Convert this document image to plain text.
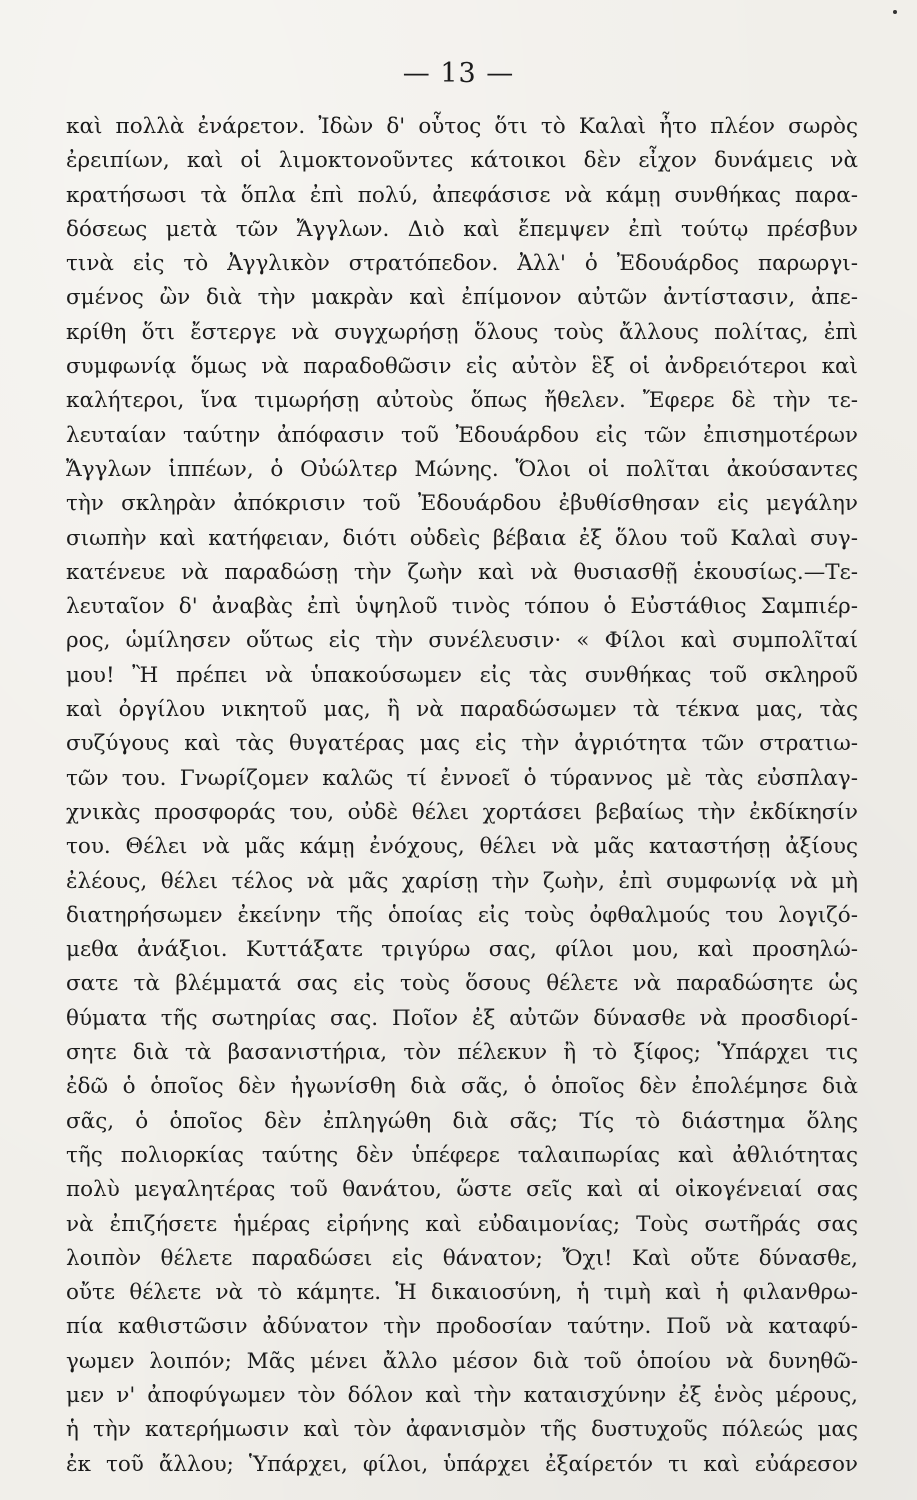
— 13 —
καὶ πολλὰ ἐνάρετον. Ἰδὼν δ' οὗτος ὅτι τὸ Καλαὶ ἦτο πλέον σωρὸς
ἐρειπίων, καὶ οἱ λιμοκτονοῦντες κάτοικοι δὲν εἶχον δυνάμεις νὰ
κρατήσωσι τὰ ὅπλα ἐπὶ πολύ, ἀπεφάσισε νὰ κάμῃ συνθήκας παρα-
δόσεως μετὰ τῶν Ἄγγλων. Διὸ καὶ ἔπεμψεν ἐπὶ τούτῳ πρέσβυν
τινὰ εἰς τὸ Ἀγγλικὸν στρατόπεδον. Ἀλλ' ὁ Ἐδουάρδος παρωργι-
σμένος ὢν διὰ τὴν μακρὰν καὶ ἐπίμονον αὐτῶν ἀντίστασιν, ἀπε-
κρίθη ὅτι ἔστεργε νὰ συγχωρήσῃ ὅλους τοὺς ἄλλους πολίτας, ἐπὶ
συμφωνίᾳ ὅμως νὰ παραδοθῶσιν εἰς αὐτὸν ἓξ οἱ ἀνδρειότεροι καὶ
καλήτεροι, ἵνα τιμωρήσῃ αὐτοὺς ὅπως ἤθελεν. Ἔφερε δὲ τὴν τε-
λευταίαν ταύτην ἀπόφασιν τοῦ Ἐδουάρδου εἰς τῶν ἐπισημοτέρων
Ἄγγλων ἱππέων, ὁ Οὐώλτερ Μώνης. Ὅλοι οἱ πολῖται ἀκούσαντες
τὴν σκληρὰν ἀπόκρισιν τοῦ Ἐδουάρδου ἐβυθίσθησαν εἰς μεγάλην
σιωπὴν καὶ κατήφειαν, διότι οὐδεὶς βέβαια ἐξ ὅλου τοῦ Καλαὶ συγ-
κατένευε νὰ παραδώσῃ τὴν ζωὴν καὶ νὰ θυσιασθῇ ἑκουσίως.—Τε-
λευταῖον δ' ἀναβὰς ἐπὶ ὑψηλοῦ τινὸς τόπου ὁ Εὐστάθιος Σαμπιέρ-
ρος, ὡμίλησεν οὕτως εἰς τὴν συνέλευσιν· « Φίλοι καὶ συμπολῖταί
μου! Ἢ πρέπει νὰ ὑπακούσωμεν εἰς τὰς συνθήκας τοῦ σκληροῦ
καὶ ὀργίλου νικητοῦ μας, ἢ νὰ παραδώσωμεν τὰ τέκνα μας, τὰς
συζύγους καὶ τὰς θυγατέρας μας εἰς τὴν ἀγριότητα τῶν στρατιω-
τῶν του. Γνωρίζομεν καλῶς τί ἐννοεῖ ὁ τύραννος μὲ τὰς εὐσπλαγ-
χνικὰς προσφοράς του, οὐδὲ θέλει χορτάσει βεβαίως τὴν ἐκδίκησίν
του. Θέλει νὰ μᾶς κάμῃ ἐνόχους, θέλει νὰ μᾶς καταστήσῃ ἀξίους
ἐλέους, θέλει τέλος νὰ μᾶς χαρίσῃ τὴν ζωὴν, ἐπὶ συμφωνίᾳ νὰ μὴ
διατηρήσωμεν ἐκείνην τῆς ὁποίας εἰς τοὺς ὀφθαλμούς του λογιζό-
μεθα ἀνάξιοι. Κυττάξατε τριγύρω σας, φίλοι μου, καὶ προσηλώ-
σατε τὰ βλέμματά σας εἰς τοὺς ὅσους θέλετε νὰ παραδώσητε ὡς
θύματα τῆς σωτηρίας σας. Ποῖον ἐξ αὐτῶν δύνασθε νὰ προσδιορί-
σητε διὰ τὰ βασανιστήρια, τὸν πέλεκυν ἢ τὸ ξίφος; Ὑπάρχει τις
ἐδῶ ὁ ὁποῖος δὲν ἠγωνίσθη διὰ σᾶς, ὁ ὁποῖος δὲν ἐπολέμησε διὰ
σᾶς, ὁ ὁποῖος δὲν ἐπληγώθη διὰ σᾶς; Τίς τὸ διάστημα ὅλης
τῆς πολιορκίας ταύτης δὲν ὑπέφερε ταλαιπωρίας καὶ ἀθλιότητας
πολὺ μεγαλητέρας τοῦ θανάτου, ὥστε σεῖς καὶ αἱ οἰκογένειαί σας
νὰ ἐπιζήσετε ἡμέρας εἰρήνης καὶ εὐδαιμονίας; Τοὺς σωτῆράς σας
λοιπὸν θέλετε παραδώσει εἰς θάνατον; Ὄχι! Καὶ οὔτε δύνασθε,
οὔτε θέλετε νὰ τὸ κάμητε. Ἡ δικαιοσύνη, ἡ τιμὴ καὶ ἡ φιλανθρω-
πία καθιστῶσιν ἀδύνατον τὴν προδοσίαν ταύτην. Ποῦ νὰ καταφύ-
γωμεν λοιπόν; Μᾶς μένει ἄλλο μέσον διὰ τοῦ ὁποίου νὰ δυνηθῶ-
μεν ν' ἀποφύγωμεν τὸν δόλον καὶ τὴν καταισχύνην ἐξ ἑνὸς μέρους,
ἡ τὴν κατερήμωσιν καὶ τὸν ἀφανισμὸν τῆς δυστυχοῦς πόλεώς μας
ἐκ τοῦ ἄλλου; Ὑπάρχει, φίλοι, ὑπάρχει ἐξαίρετόν τι καὶ εὐάρεσον
